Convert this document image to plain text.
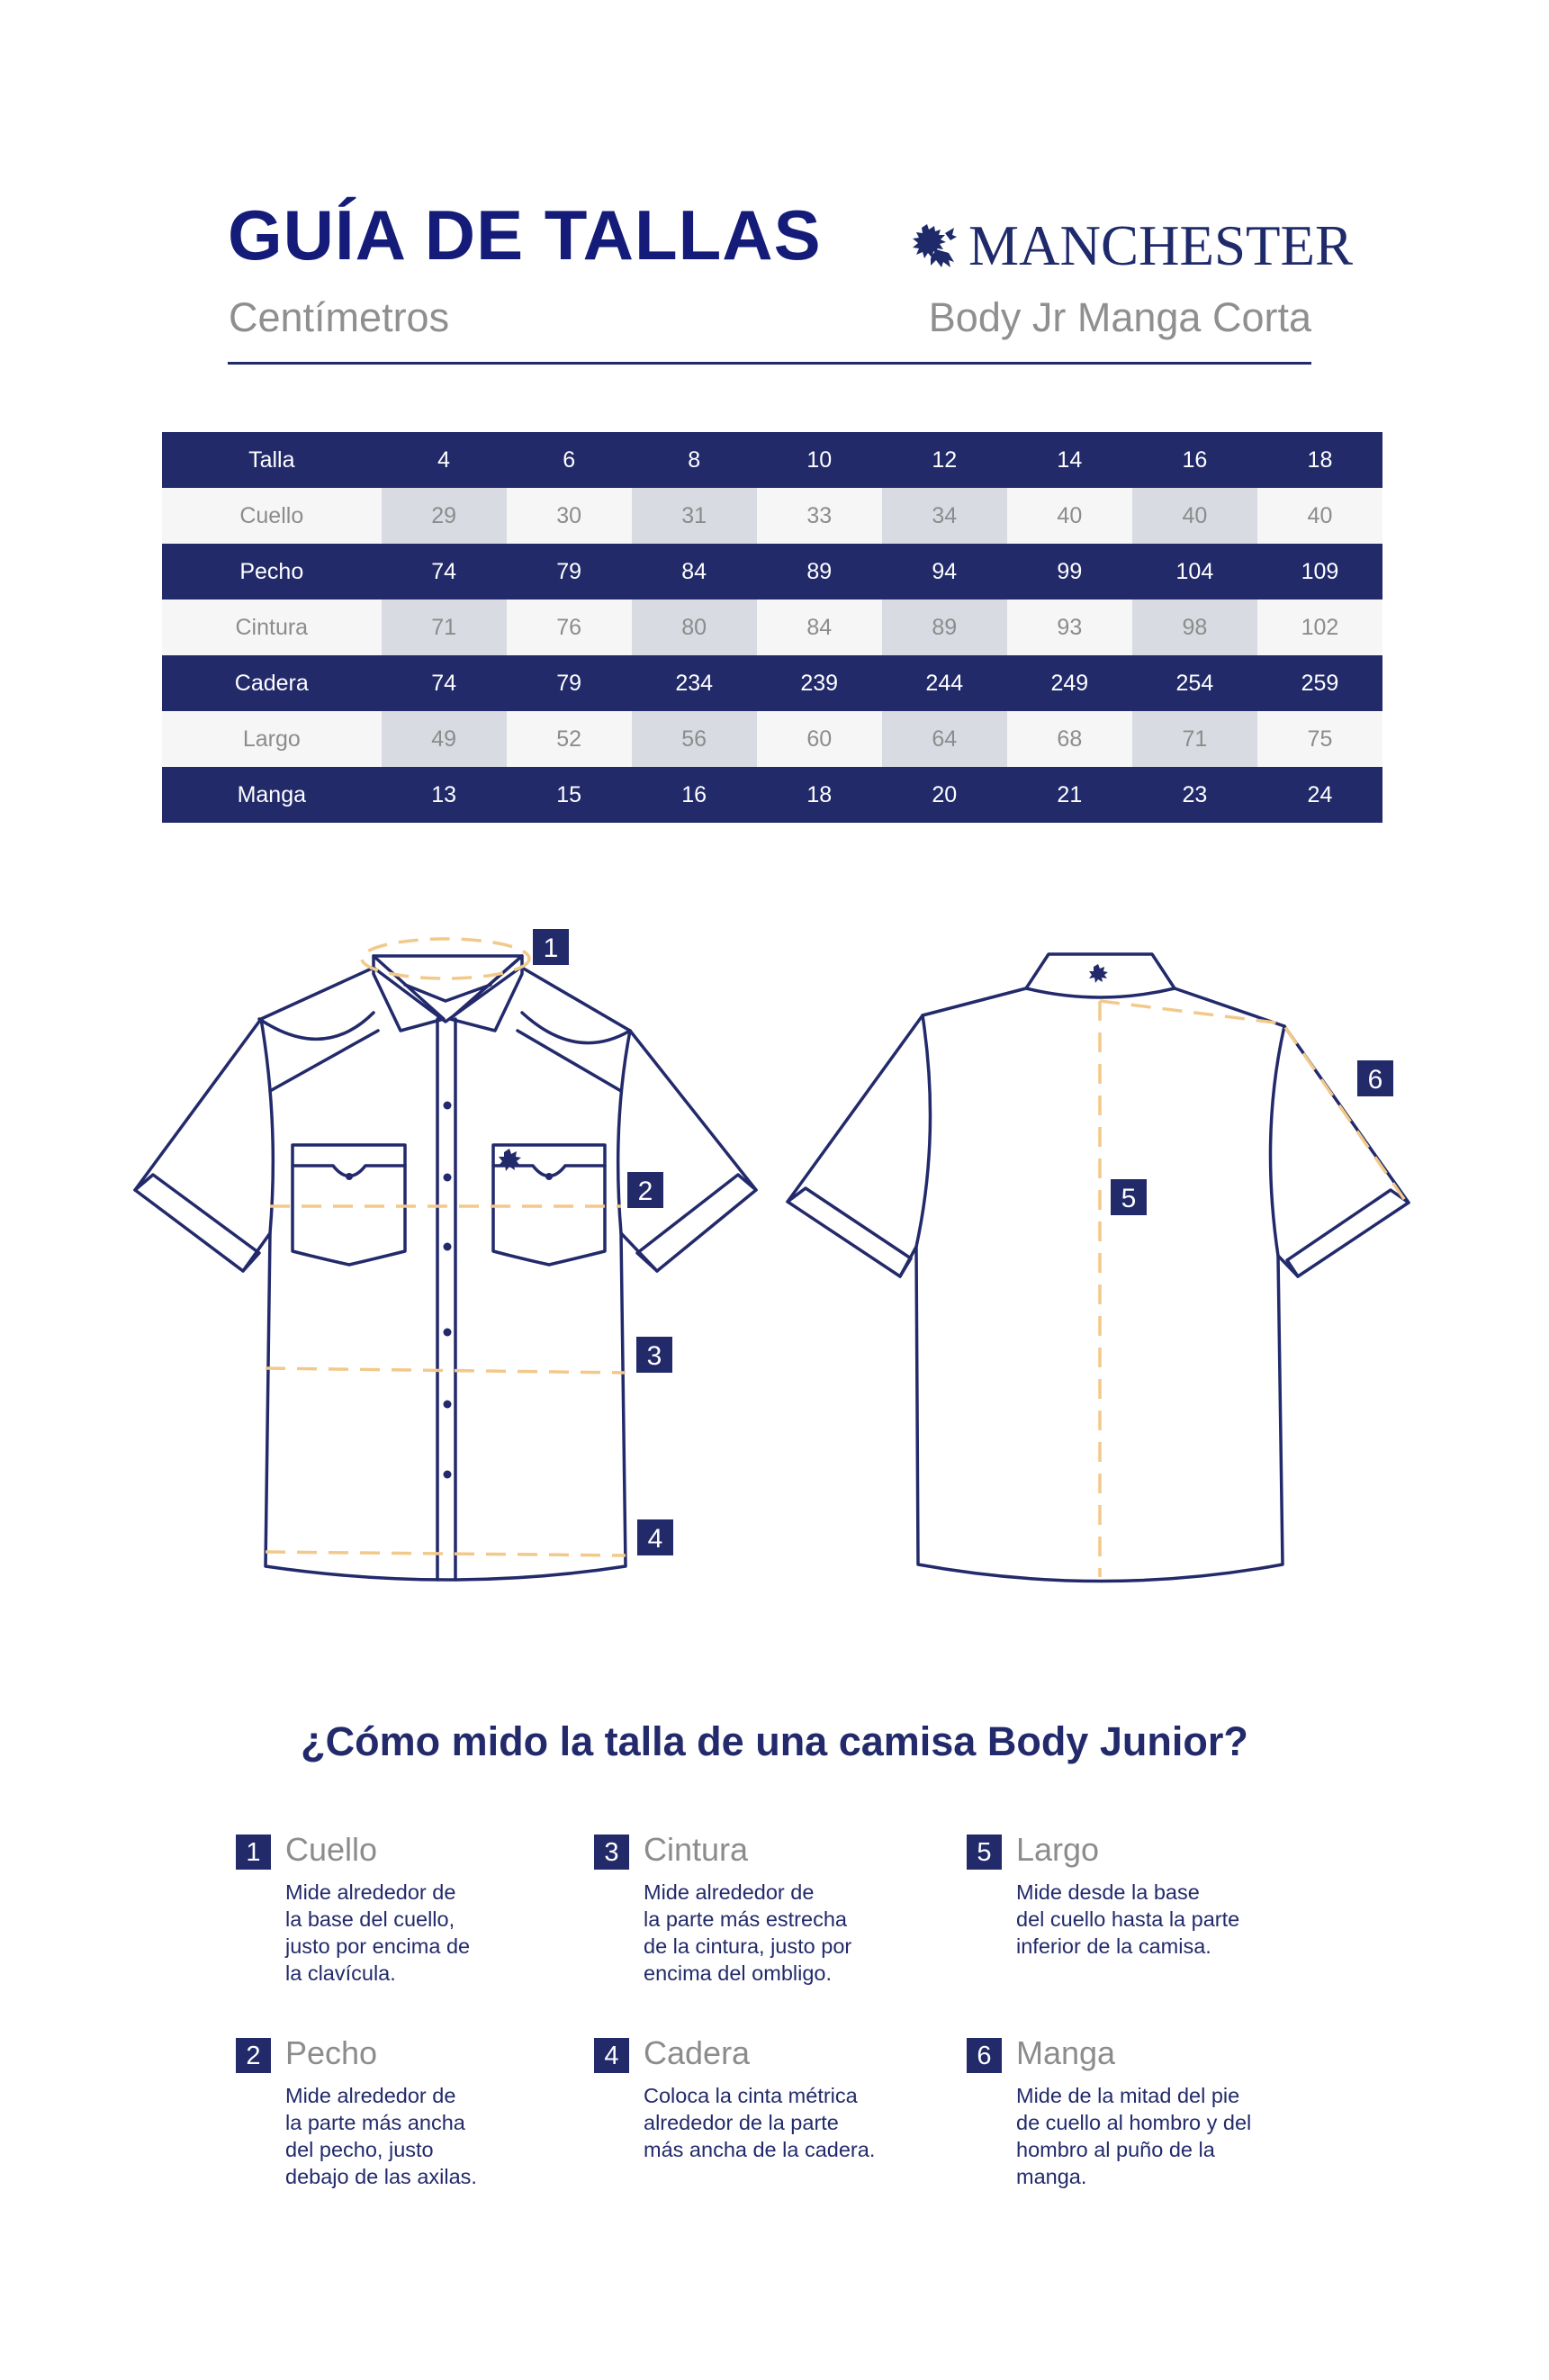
GUÍA DE TALLAS
Centímetros	Body Jr Manga Corta
MANCHESTER
Talla	4	6	8	10	12	14	16	18
Cuello	29	30	31	33	34	40	40	40
Pecho	74	79	84	89	94	99	104	109
Cintura	71	76	80	84	89	93	98	102
Cadera	74	79	234	239	244	249	254	259
Largo	49	52	56	60	64	68	71	75
Manga	13	15	16	18	20	21	23	24
1
2
3
4
5
6
¿Cómo mido la talla de una camisa Body Junior?
1 Cuello
Mide alrededor de
la base del cuello,
justo por encima de
la clavícula.
2 Pecho
Mide alrededor de
la parte más ancha
del pecho, justo
debajo de las axilas.
3 Cintura
Mide alrededor de
la parte más estrecha
de la cintura, justo por
encima del ombligo.
4 Cadera
Coloca la cinta métrica
alrededor de la parte
más ancha de la cadera.
5 Largo
Mide desde la base
del cuello hasta la parte
inferior de la camisa.
6 Manga
Mide de la mitad del pie
de cuello al hombro y del
hombro al puño de la manga.
